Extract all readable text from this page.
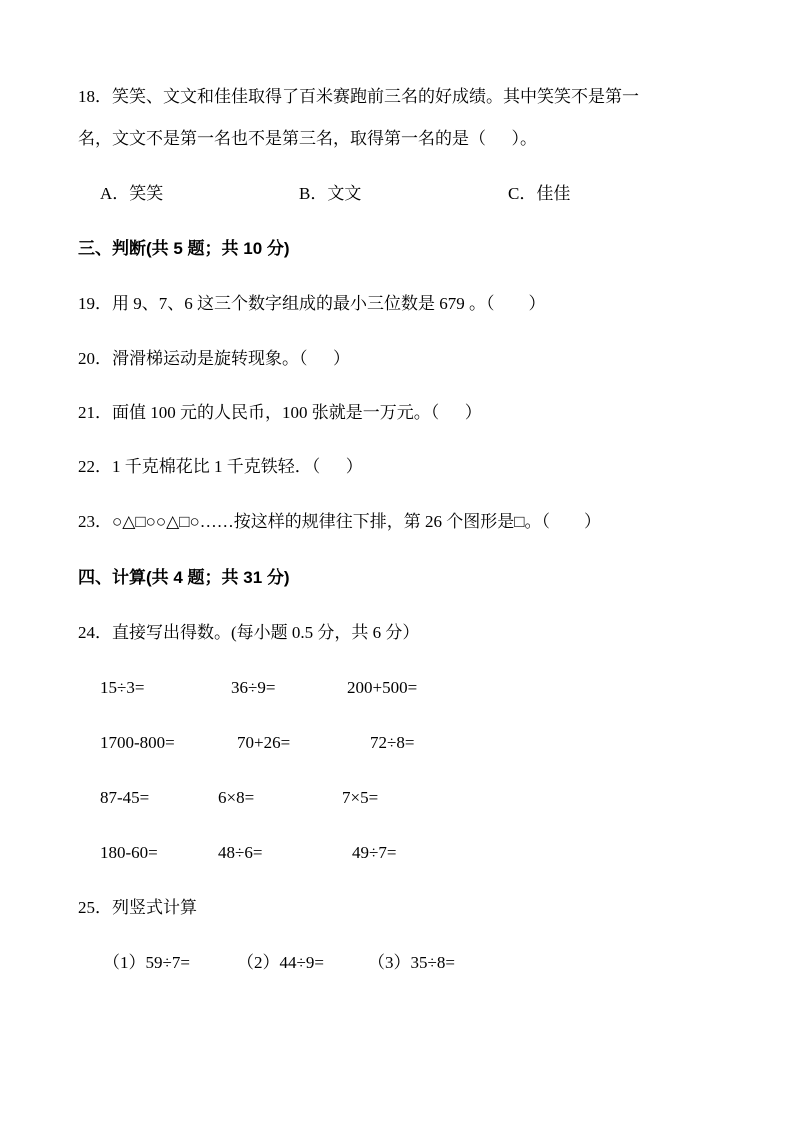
18．笑笑、文文和佳佳取得了百米赛跑前三名的好成绩。其中笑笑不是第一
名，文文不是第一名也不是第三名，取得第一名的是（      ）。
A．笑笑	B．文文	C．佳佳
三、判断(共 5 题；共 10 分)
19．用 9、7、6 这三个数字组成的最小三位数是 679 。（        ）
20．滑滑梯运动是旋转现象。（      ）
21．面值 100 元的人民币，100 张就是一万元。（      ）
22．1 千克棉花比 1 千克铁轻．（      ）
23．○△□○○△□○……按这样的规律往下排，第 26 个图形是□。（        ）
四、计算(共 4 题；共 31 分)
24．直接写出得数。(每小题 0.5 分，共 6 分）
15÷3=	36÷9=	200+500=
1700-800=	70+26=	72÷8=
87-45=	6×8=	7×5=
180-60=	48÷6=	49÷7=
25．列竖式计算
（1）59÷7=	（2）44÷9=	（3）35÷8=
